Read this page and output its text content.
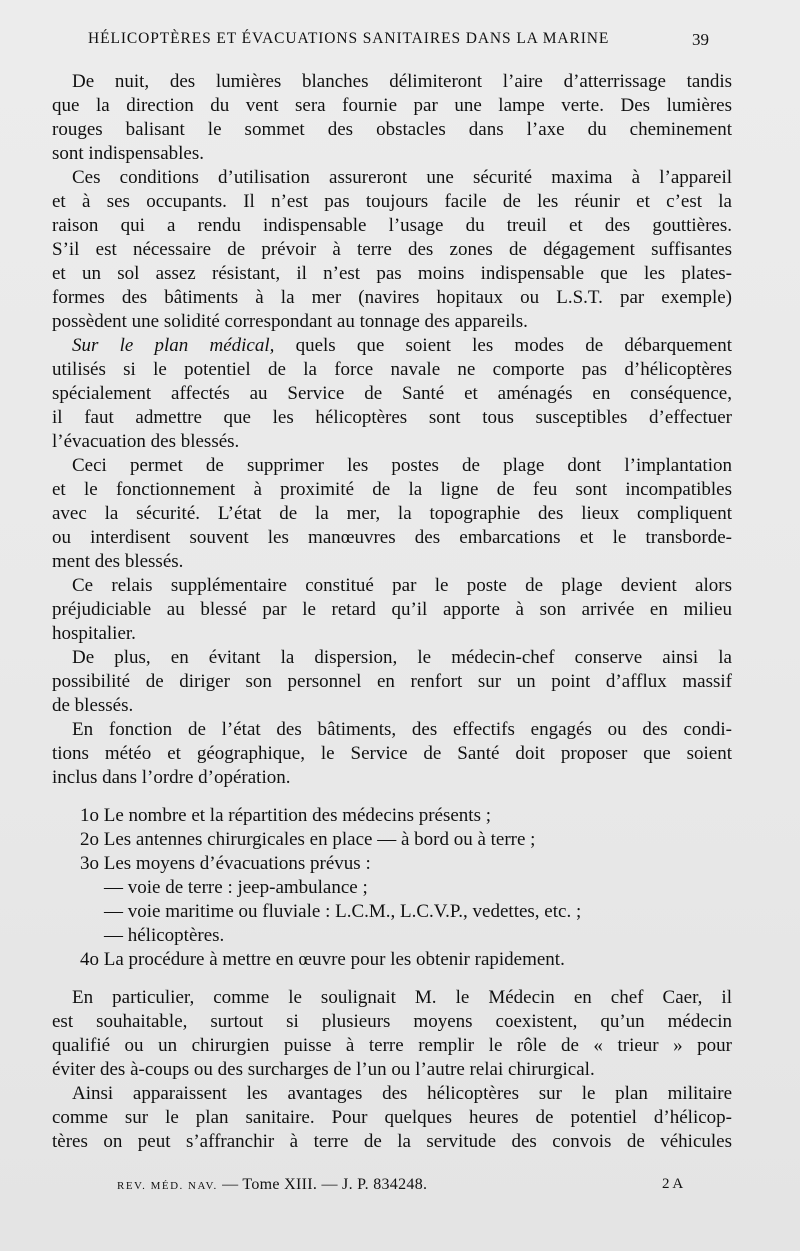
HÉLICOPTÈRES ET ÉVACUATIONS SANITAIRES DANS LA MARINE	39
De nuit, des lumières blanches délimiteront l’aire d’atterrissage tandis
que la direction du vent sera fournie par une lampe verte. Des lumières
rouges balisant le sommet des obstacles dans l’axe du cheminement
sont indispensables.
Ces conditions d’utilisation assureront une sécurité maxima à l’appareil
et à ses occupants. Il n’est pas toujours facile de les réunir et c’est la
raison qui a rendu indispensable l’usage du treuil et des gouttières.
S’il est nécessaire de prévoir à terre des zones de dégagement suffisantes
et un sol assez résistant, il n’est pas moins indispensable que les plates-
formes des bâtiments à la mer (navires hopitaux ou L.S.T. par exemple)
possèdent une solidité correspondant au tonnage des appareils.
Sur le plan médical, quels que soient les modes de débarquement
utilisés si le potentiel de la force navale ne comporte pas d’hélicoptères
spécialement affectés au Service de Santé et aménagés en conséquence,
il faut admettre que les hélicoptères sont tous susceptibles d’effectuer
l’évacuation des blessés.
Ceci permet de supprimer les postes de plage dont l’implantation
et le fonctionnement à proximité de la ligne de feu sont incompatibles
avec la sécurité. L’état de la mer, la topographie des lieux compliquent
ou interdisent souvent les manœuvres des embarcations et le transborde-
ment des blessés.
Ce relais supplémentaire constitué par le poste de plage devient alors
préjudiciable au blessé par le retard qu’il apporte à son arrivée en milieu
hospitalier.
De plus, en évitant la dispersion, le médecin-chef conserve ainsi la
possibilité de diriger son personnel en renfort sur un point d’afflux massif
de blessés.
En fonction de l’état des bâtiments, des effectifs engagés ou des condi-
tions météo et géographique, le Service de Santé doit proposer que soient
inclus dans l’ordre d’opération.
1o Le nombre et la répartition des médecins présents ;
2o Les antennes chirurgicales en place — à bord ou à terre ;
3o Les moyens d’évacuations prévus :
— voie de terre : jeep-ambulance ;
— voie maritime ou fluviale : L.C.M., L.C.V.P., vedettes, etc. ;
— hélicoptères.
4o La procédure à mettre en œuvre pour les obtenir rapidement.
En particulier, comme le soulignait M. le Médecin en chef Caer, il
est souhaitable, surtout si plusieurs moyens coexistent, qu’un médecin
qualifié ou un chirurgien puisse à terre remplir le rôle de « trieur » pour
éviter des à-coups ou des surcharges de l’un ou l’autre relai chirurgical.
Ainsi apparaissent les avantages des hélicoptères sur le plan militaire
comme sur le plan sanitaire. Pour quelques heures de potentiel d’hélicop-
tères on peut s’affranchir à terre de la servitude des convois de véhicules
REV. MÉD. NAV. — Tome XIII. — J. P. 834248.	2 A
